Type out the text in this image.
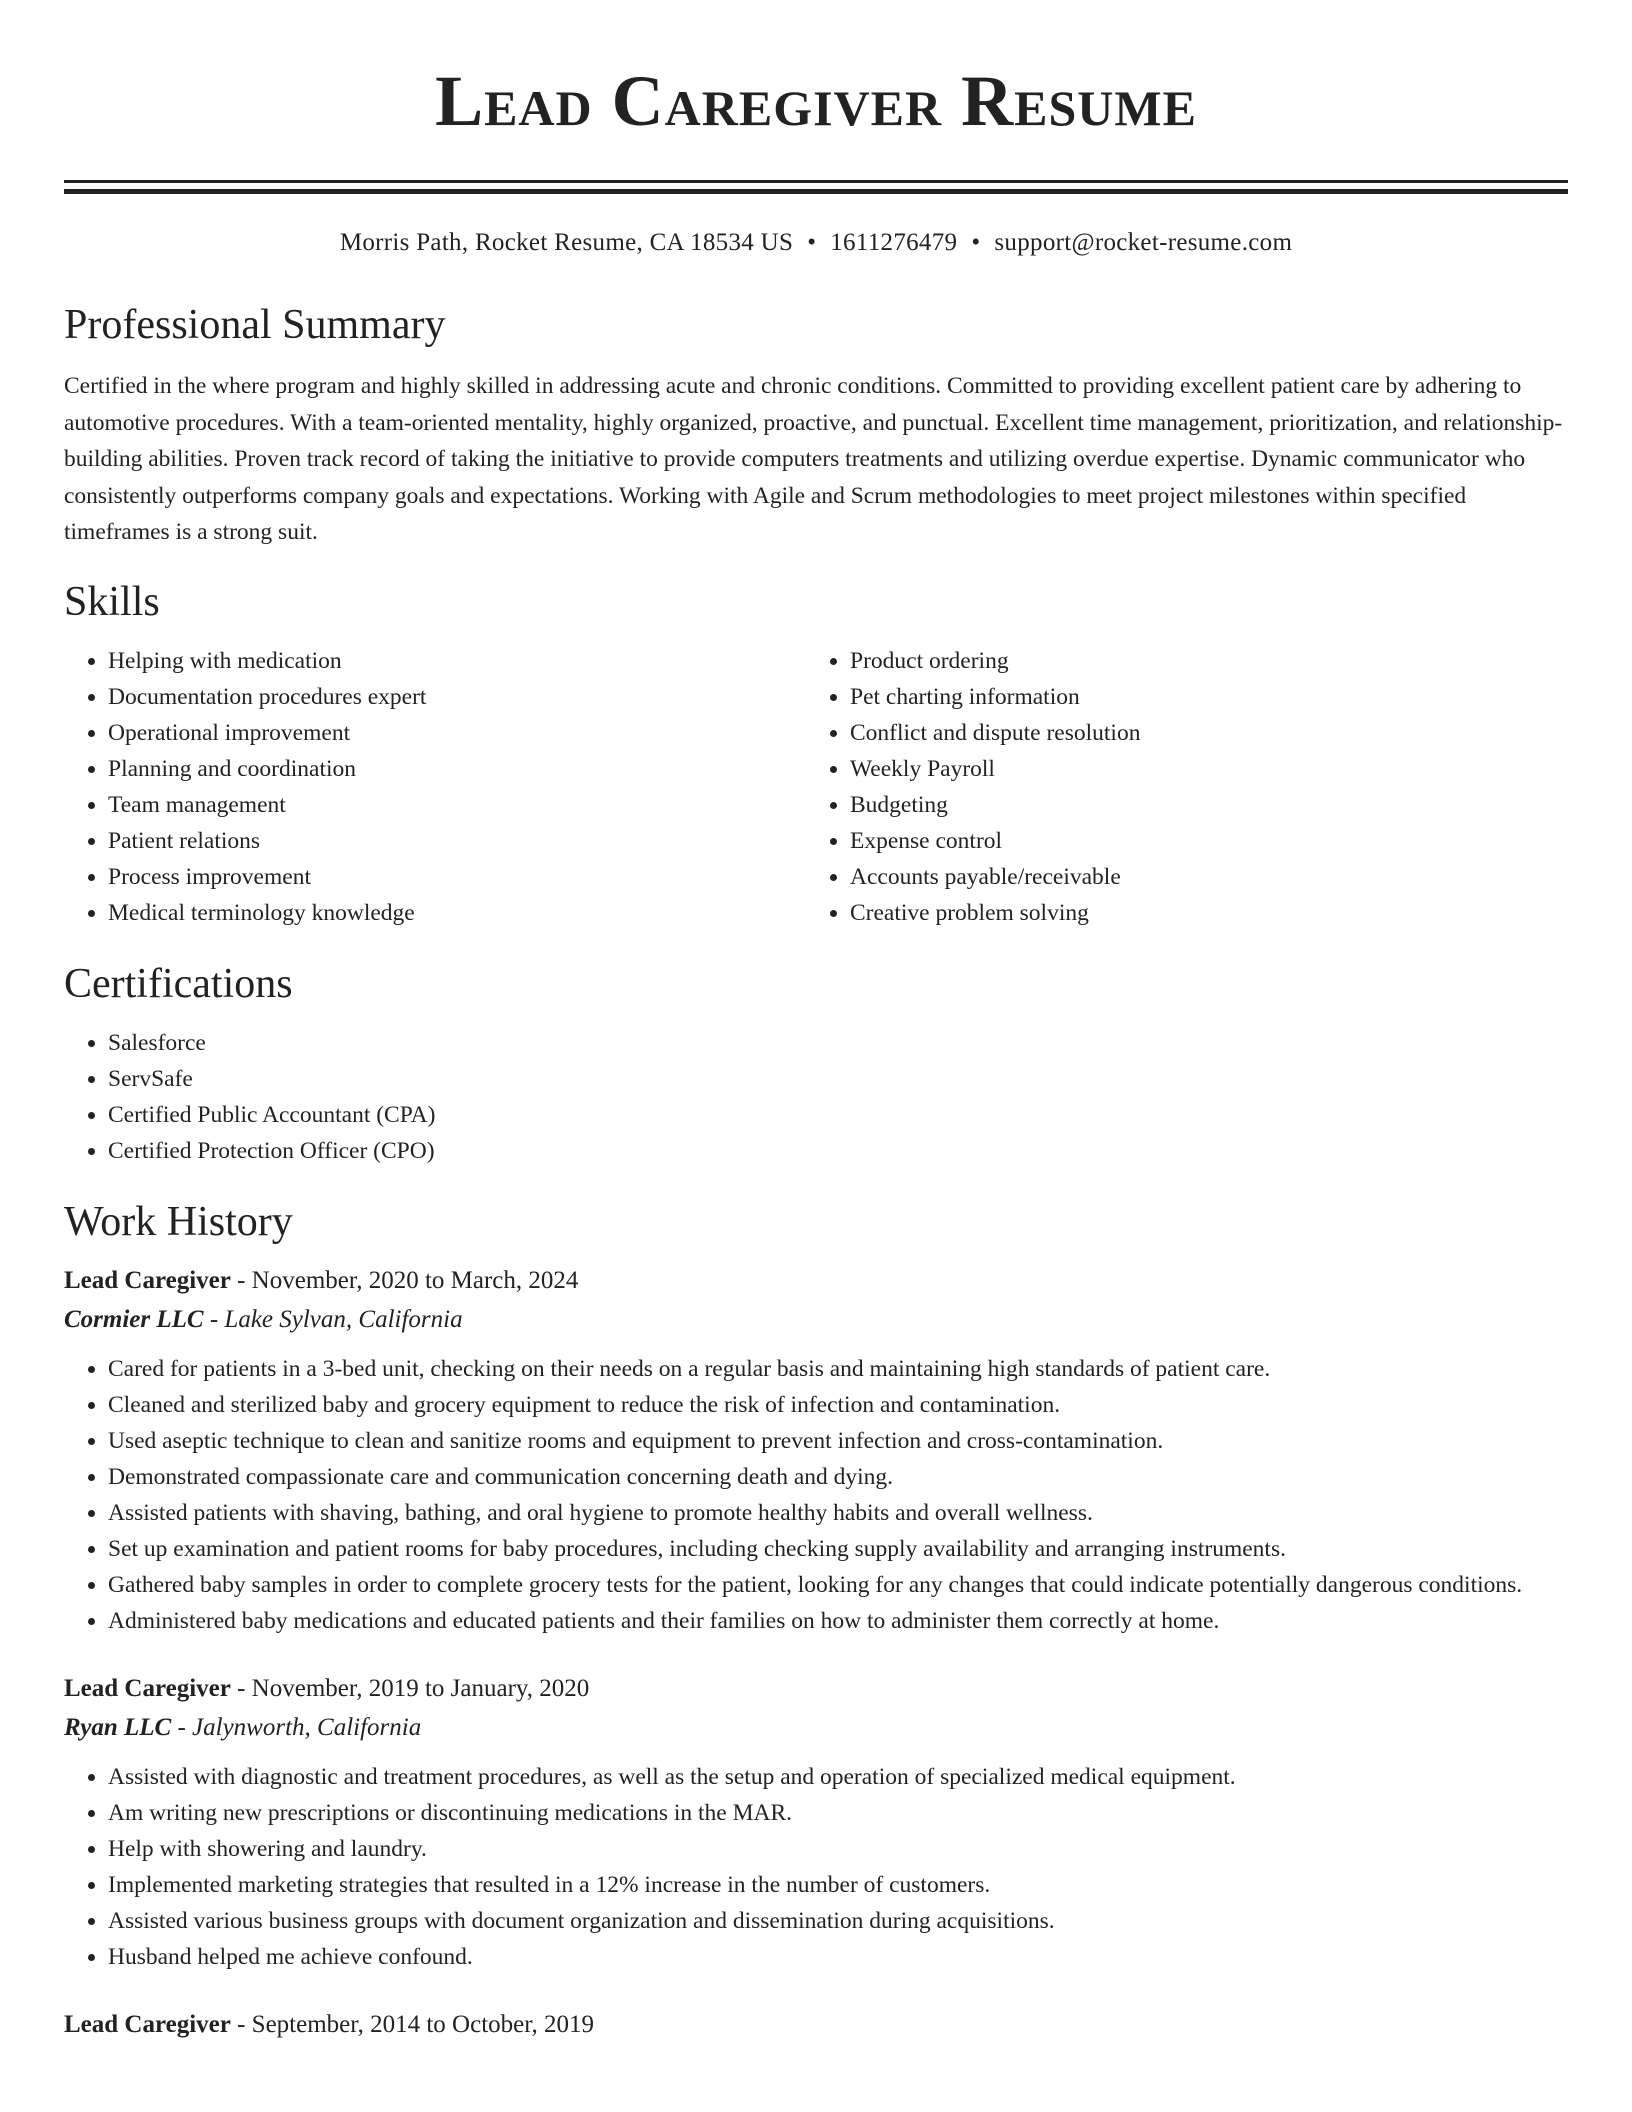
Lead Caregiver Resume
Morris Path, Rocket Resume, CA 18534 US • 1611276479 • support@rocket-resume.com
Professional Summary

Certified in the where program and highly skilled in addressing acute and chronic conditions. Committed to providing excellent patient care by adhering to automotive procedures. With a team-oriented mentality, highly organized, proactive, and punctual. Excellent time management, prioritization, and relationship-building abilities. Proven track record of taking the initiative to provide computers treatments and utilizing overdue expertise. Dynamic communicator who consistently outperforms company goals and expectations. Working with Agile and Scrum methodologies to meet project milestones within specified timeframes is a strong suit.

Skills
• Helping with medication
• Documentation procedures expert
• Operational improvement
• Planning and coordination
• Team management
• Patient relations
• Process improvement
• Medical terminology knowledge
• Product ordering
• Pet charting information
• Conflict and dispute resolution
• Weekly Payroll
• Budgeting
• Expense control
• Accounts payable/receivable
• Creative problem solving
Certifications
• Salesforce
• ServSafe
• Certified Public Accountant (CPA)
• Certified Protection Officer (CPO)
Work History
Lead Caregiver - November, 2020 to March, 2024
Cormier LLC - Lake Sylvan, California
• Cared for patients in a 3-bed unit, checking on their needs on a regular basis and maintaining high standards of patient care.
• Cleaned and sterilized baby and grocery equipment to reduce the risk of infection and contamination.
• Used aseptic technique to clean and sanitize rooms and equipment to prevent infection and cross-contamination.
• Demonstrated compassionate care and communication concerning death and dying.
• Assisted patients with shaving, bathing, and oral hygiene to promote healthy habits and overall wellness.
• Set up examination and patient rooms for baby procedures, including checking supply availability and arranging instruments.
• Gathered baby samples in order to complete grocery tests for the patient, looking for any changes that could indicate potentially dangerous conditions.
• Administered baby medications and educated patients and their families on how to administer them correctly at home.
Lead Caregiver - November, 2019 to January, 2020
Ryan LLC - Jalynworth, California
• Assisted with diagnostic and treatment procedures, as well as the setup and operation of specialized medical equipment.
• Am writing new prescriptions or discontinuing medications in the MAR.
• Help with showering and laundry.
• Implemented marketing strategies that resulted in a 12% increase in the number of customers.
• Assisted various business groups with document organization and dissemination during acquisitions.
• Husband helped me achieve confound.
Lead Caregiver - September, 2014 to October, 2019
